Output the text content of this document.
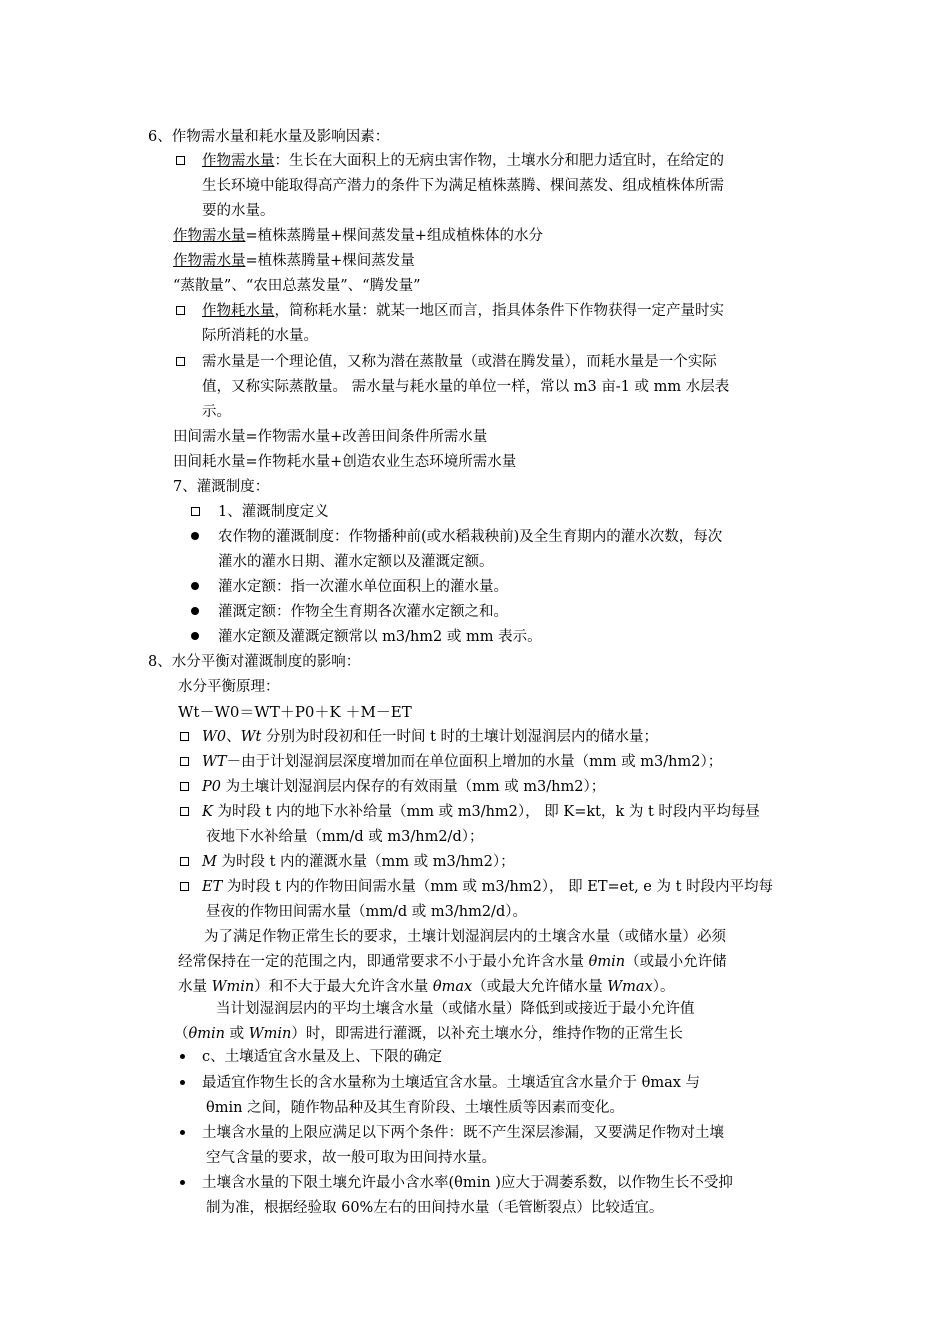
6、作物需水量和耗水量及影响因素：
作物需水量：生长在大面积上的无病虫害作物，土壤水分和肥力适宜时，在给定的
生长环境中能取得高产潜力的条件下为满足植株蒸腾、棵间蒸发、组成植株体所需
要的水量。
作物需水量=植株蒸腾量+棵间蒸发量+组成植株体的水分
作物需水量=植株蒸腾量+棵间蒸发量
“蒸散量”、“农田总蒸发量”、“腾发量”
作物耗水量，简称耗水量：就某一地区而言，指具体条件下作物获得一定产量时实
际所消耗的水量。
需水量是一个理论值，又称为潜在蒸散量（或潜在腾发量），而耗水量是一个实际
值，又称实际蒸散量。 需水量与耗水量的单位一样，常以 m3 亩-1 或 mm 水层表
示。
田间需水量=作物需水量+改善田间条件所需水量
田间耗水量=作物耗水量+创造农业生态环境所需水量
7、灌溉制度：
1、灌溉制度定义
农作物的灌溉制度：作物播种前(或水稻栽秧前)及全生育期内的灌水次数，每次
灌水的灌水日期、灌水定额以及灌溉定额。
灌水定额：指一次灌水单位面积上的灌水量。
灌溉定额：作物全生育期各次灌水定额之和。
灌水定额及灌溉定额常以 m3/hm2 或 mm 表示。
8、水分平衡对灌溉制度的影响：
水分平衡原理：
Wt－W0＝WT＋P0＋K ＋M－ET
W0、Wt 分别为时段初和任一时间 t 时的土壤计划湿润层内的储水量；
WT－由于计划湿润层深度增加而在单位面积上增加的水量（mm 或 m3/hm2）；
P0 为土壤计划湿润层内保存的有效雨量（mm 或 m3/hm2）；
K 为时段 t 内的地下水补给量（mm 或 m3/hm2）， 即 K=kt，k 为 t 时段内平均每昼
夜地下水补给量（mm/d 或 m3/hm2/d）；
M 为时段 t 内的灌溉水量（mm 或 m3/hm2）；
ET 为时段 t 内的作物田间需水量（mm 或 m3/hm2）， 即 ET=et, e 为 t 时段内平均每
昼夜的作物田间需水量（mm/d 或 m3/hm2/d）。
为了满足作物正常生长的要求，土壤计划湿润层内的土壤含水量（或储水量）必须
经常保持在一定的范围之内，即通常要求不小于最小允许含水量 θmin（或最小允许储
水量 Wmin）和不大于最大允许含水量 θmax（或最大允许储水量 Wmax）。
当计划湿润层内的平均土壤含水量（或储水量）降低到或接近于最小允许值
（θmin 或 Wmin）时，即需进行灌溉，以补充土壤水分，维持作物的正常生长
c、土壤适宜含水量及上、下限的确定
最适宜作物生长的含水量称为土壤适宜含水量。土壤适宜含水量介于 θmax 与
θmin 之间，随作物品种及其生育阶段、土壤性质等因素而变化。
土壤含水量的上限应满足以下两个条件：既不产生深层渗漏，又要满足作物对土壤
空气含量的要求，故一般可取为田间持水量。
土壤含水量的下限土壤允许最小含水率(θmin )应大于凋萎系数，以作物生长不受抑
制为准，根据经验取 60%左右的田间持水量（毛管断裂点）比较适宜。
